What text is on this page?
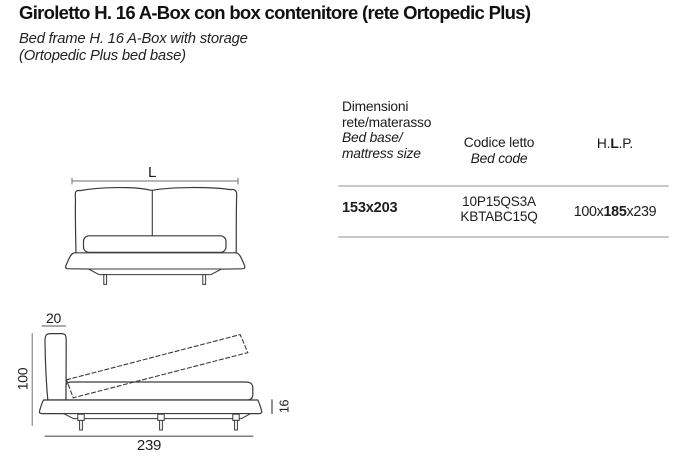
Giroletto H. 16 A-Box con box contenitore (rete Ortopedic Plus)
Bed frame H. 16 A-Box with storage
(Ortopedic Plus bed base)
Dimensioni
rete/materasso
Bed base/
mattress size
Codice letto
Bed code
H.L.P.
153x203	10P15QS3A
KBTABC15Q	100x185x239
L
20
100
16
239
